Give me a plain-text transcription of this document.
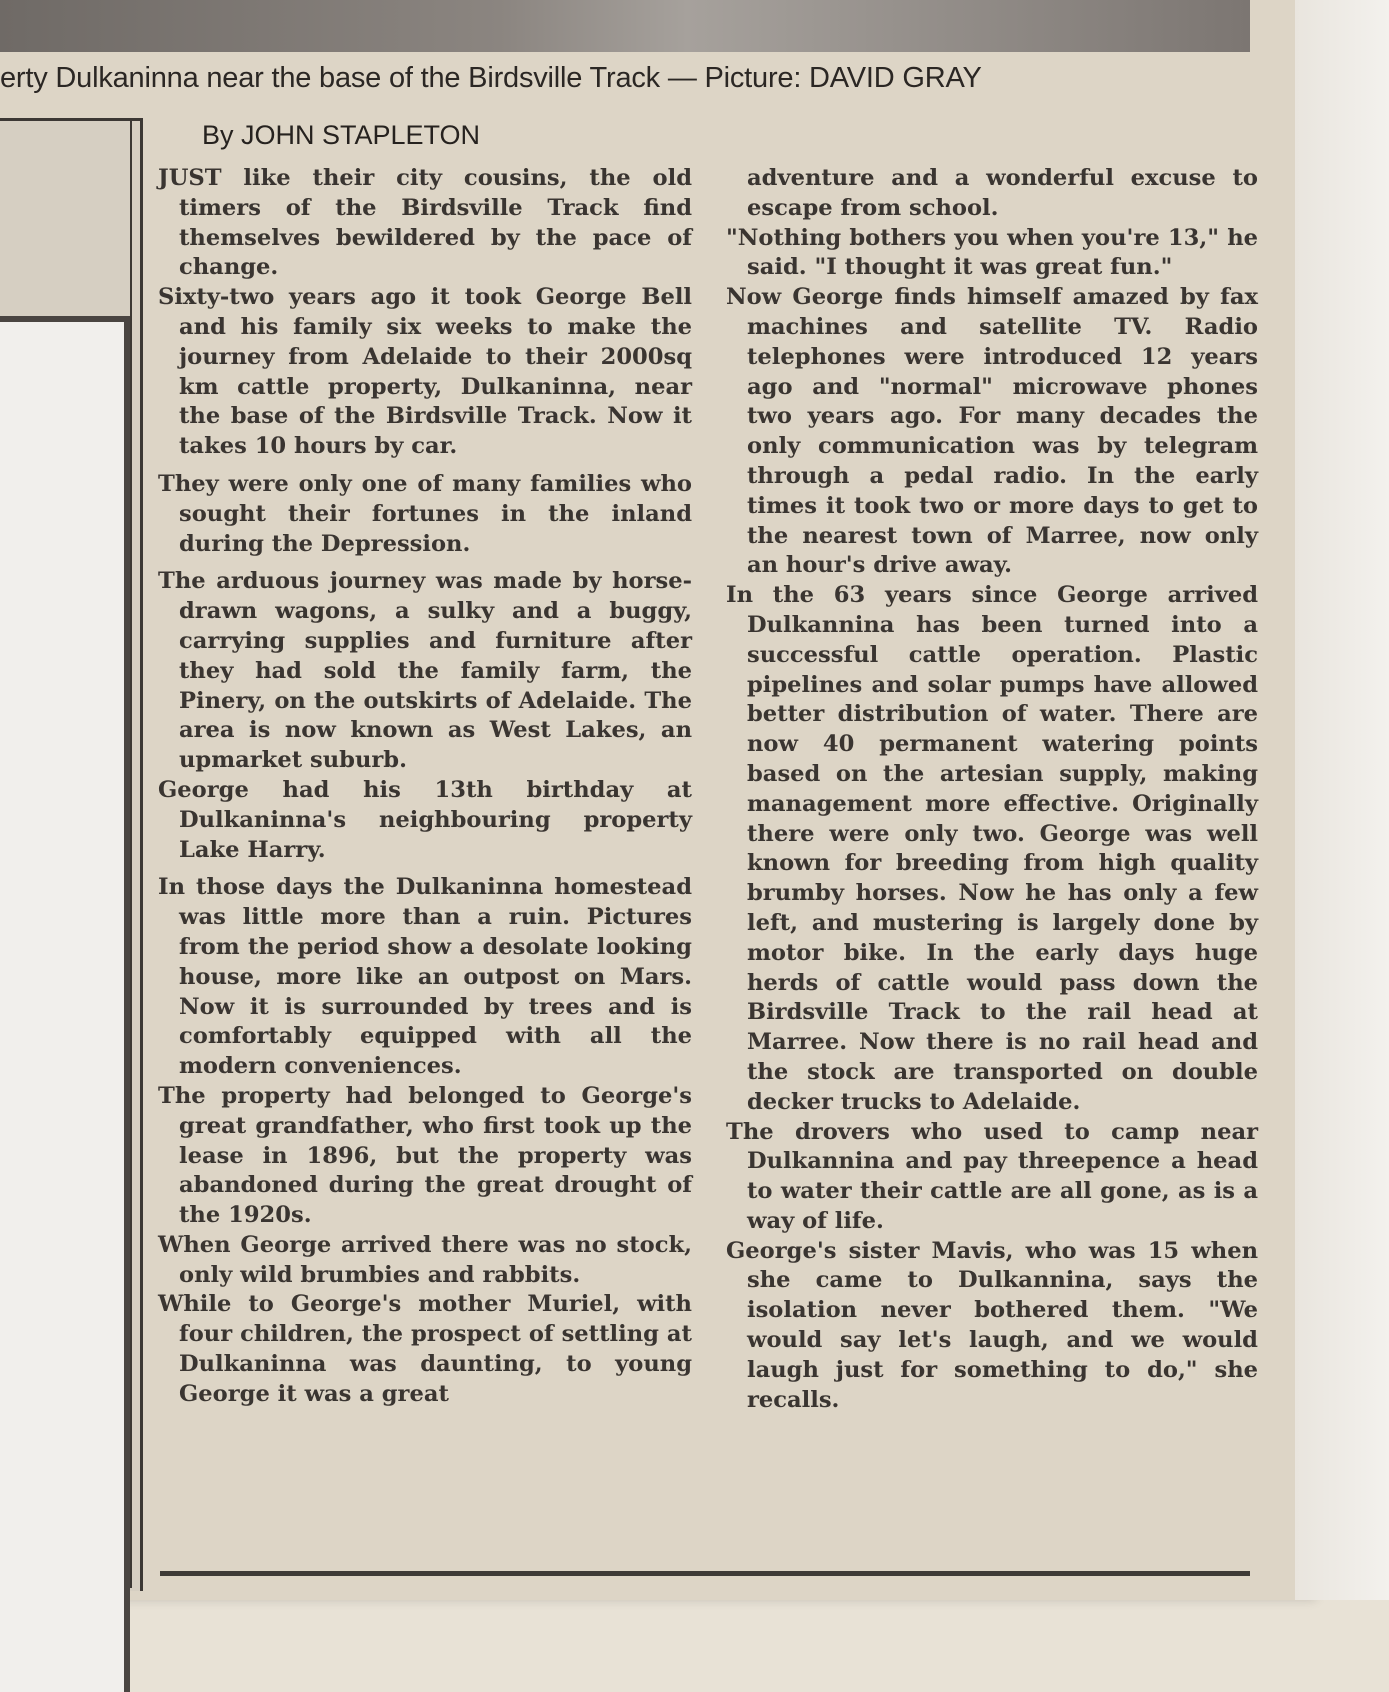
erty Dulkaninna near the base of the Birdsville Track — Picture: DAVID GRAY
By JOHN STAPLETON

JUST like their city cousins, the old timers of the Birdsville Track find themselves bewildered by the pace of change.

Sixty-two years ago it took George Bell and his family six weeks to make the journey from Adelaide to their 2000sq km cattle property, Dulkaninna, near the base of the Birdsville Track. Now it takes 10 hours by car.

They were only one of many families who sought their fortunes in the inland during the Depression.

The arduous journey was made by horse-drawn wagons, a sulky and a buggy, carrying supplies and furniture after they had sold the family farm, the Pinery, on the outskirts of Adelaide. The area is now known as West Lakes, an upmarket suburb.

George had his 13th birthday at Dulkaninna's neighbouring property Lake Harry.

In those days the Dulkaninna homestead was little more than a ruin. Pictures from the period show a desolate looking house, more like an outpost on Mars. Now it is surrounded by trees and is comfortably equipped with all the modern conveniences.

The property had belonged to George's great grandfather, who first took up the lease in 1896, but the property was abandoned during the great drought of the 1920s.

When George arrived there was no stock, only wild brumbies and rabbits.

While to George's mother Muriel, with four children, the prospect of settling at Dulkaninna was daunting, to young George it was a great

adventure and a wonderful excuse to escape from school.

"Nothing bothers you when you're 13," he said. "I thought it was great fun."

Now George finds himself amazed by fax machines and satellite TV. Radio telephones were introduced 12 years ago and "normal" microwave phones two years ago. For many decades the only communication was by telegram through a pedal radio. In the early times it took two or more days to get to the nearest town of Marree, now only an hour's drive away.

In the 63 years since George arrived Dulkannina has been turned into a successful cattle operation. Plastic pipelines and solar pumps have allowed better distribution of water. There are now 40 permanent watering points based on the artesian supply, making management more effective. Originally there were only two. George was well known for breeding from high quality brumby horses. Now he has only a few left, and mustering is largely done by motor bike. In the early days huge herds of cattle would pass down the Birdsville Track to the rail head at Marree. Now there is no rail head and the stock are transported on double decker trucks to Adelaide.

The drovers who used to camp near Dulkannina and pay threepence a head to water their cattle are all gone, as is a way of life.

George's sister Mavis, who was 15 when she came to Dulkannina, says the isolation never bothered them. "We would say let's laugh, and we would laugh just for something to do," she recalls.
